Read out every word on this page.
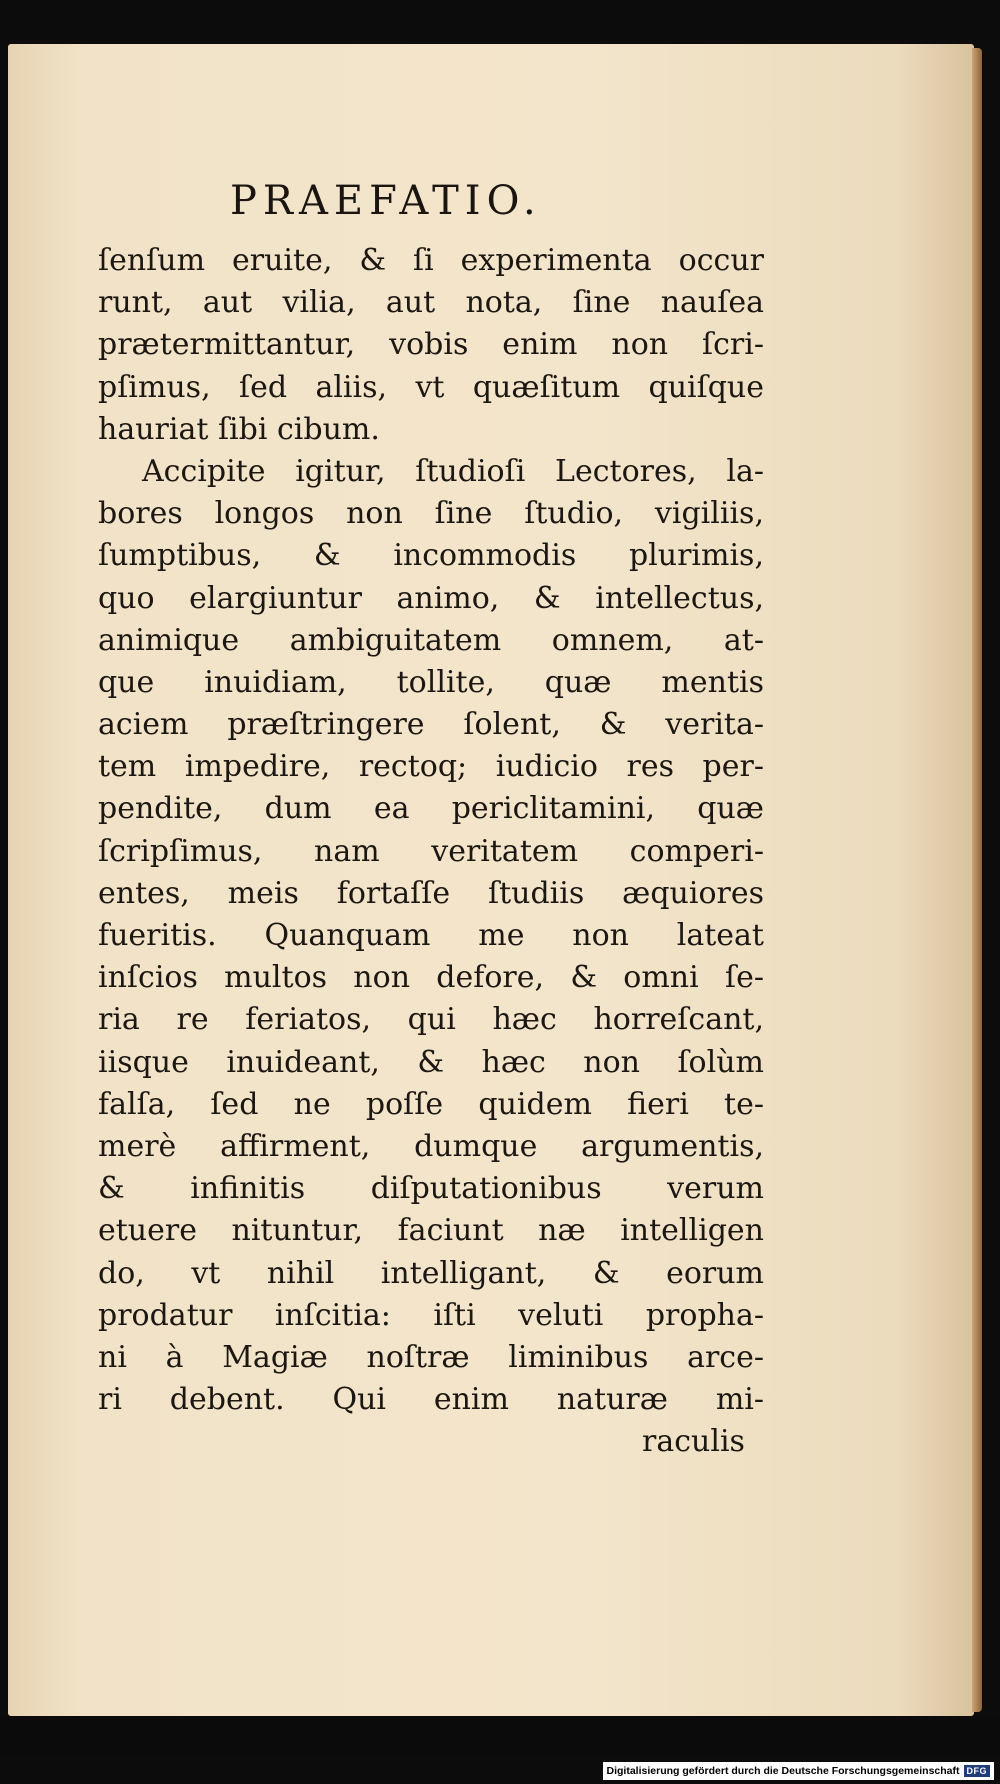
PRAEFATIO.
ſenſum eruite, & ſi experimenta occur
runt, aut vilia, aut nota, ſine nauſea
prætermittantur, vobis enim non ſcri-
pſimus, ſed aliis, vt quæſitum quiſque
hauriat ſibi cibum.
Accipite igitur, ſtudioſi Lectores, la-
bores longos non ſine ſtudio, vigiliis,
ſumptibus, & incommodis plurimis,
quo elargiuntur animo, & intellectus,
animique ambiguitatem omnem, at-
que inuidiam, tollite, quæ mentis
aciem præſtringere ſolent, & verita-
tem impedire, rectoq; iudicio res per-
pendite, dum ea periclitamini, quæ
ſcripſimus, nam veritatem comperi-
entes, meis fortaſſe ſtudiis æquiores
fueritis. Quanquam me non lateat
inſcios multos non defore, & omni ſe-
ria re feriatos, qui hæc horreſcant,
iisque inuideant, & hæc non ſolùm
falſa, ſed ne poſſe quidem fieri te-
merè affirment, dumque argumentis,
& infinitis diſputationibus verum
etuere nituntur, faciunt næ intelligen
do, vt nihil intelligant, & eorum
prodatur inſcitia: iſti veluti propha-
ni à Magiæ noſtræ liminibus arce-
ri debent. Qui enim naturæ mi-
raculis
Digitalisierung gefördert durch die Deutsche Forschungsgemeinschaft DFG
